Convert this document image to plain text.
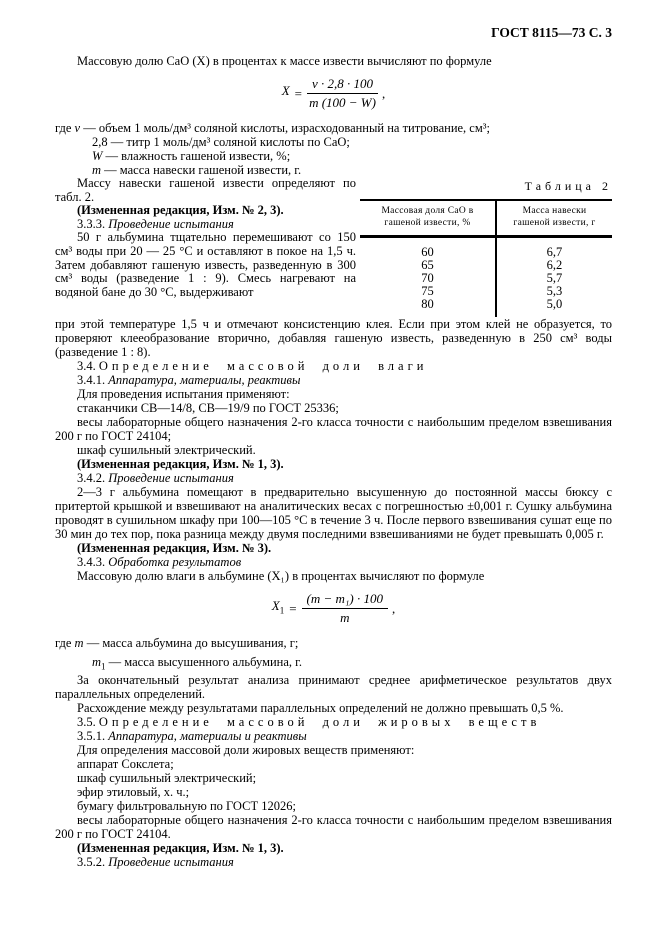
ГОСТ 8115—73 С. 3

Массовую долю CaO (X) в процентах к массе извести вычисляют по формуле

$X = \frac{v \cdot 2,8 \cdot 100}{m (100 - W)}$ ,
где v — объем 1 моль/дм³ соляной кислоты, израсходованный на титрование, см³;
2,8 — титр 1 моль/дм³ соляной кислоты по CaO;
W — влажность гашеной извести, %;
m — масса навески гашеной извести, г.

Массу навески гашеной извести определяют по табл. 2.

(Измененная редакция, Изм. № 2, 3).

3.3.3. Проведение испытания

50 г альбумина тщательно перемешивают со 150 см³ воды при 20 — 25 °С и оставляют в покое на 1,5 ч. Затем добавляют гашеную известь, разведенную в 300 см³ воды (разведение 1 : 9). Смесь нагревают на водяной бане до 30 °С, выдерживают

Таблица 2
Массовая доля CaO в гашеной извести, %	Масса навески гашеной извести, г
60	6,7
65	6,2
70	5,7
75	5,3
80	5,0

при этой температуре 1,5 ч и отмечают консистенцию клея. Если при этом клей не образуется, то проверяют клееобразование вторично, добавляя гашеную известь, разведенную в 250 см³ воды (разведение 1 : 8).

3.4. Определение массовой доли влаги

3.4.1. Аппаратура, материалы, реактивы

Для проведения испытания применяют:

стаканчики СВ—14/8, СВ—19/9 по ГОСТ 25336;

весы лабораторные общего назначения 2-го класса точности с наибольшим пределом взвешивания 200 г по ГОСТ 24104;

шкаф сушильный электрический.

(Измененная редакция, Изм. № 1, 3).

3.4.2. Проведение испытания

2—3 г альбумина помещают в предварительно высушенную до постоянной массы бюксу с притертой крышкой и взвешивают на аналитических весах с погрешностью ±0,001 г. Сушку альбумина проводят в сушильном шкафу при 100—105 °С в течение 3 ч. После первого взвешивания сушат еще по 30 мин до тех пор, пока разница между двумя последними взвешиваниями не будет превышать 0,005 г.

(Измененная редакция, Изм. № 3).

3.4.3. Обработка результатов

Массовую долю влаги в альбумине (X₁) в процентах вычисляют по формуле

$X_1 = \frac{\text{(m − m₁) · 100}}{m}$ ,
где m — масса альбумина до высушивания, г;
$m_1$ — масса высушенного альбумина, г.

За окончательный результат анализа принимают среднее арифметическое результатов двух параллельных определений.

Расхождение между результатами параллельных определений не должно превышать 0,5 %.

3.5. Определение массовой доли жировых веществ

3.5.1. Аппаратура, материалы и реактивы

Для определения массовой доли жировых веществ применяют:

аппарат Сокслета;

шкаф сушильный электрический;

эфир этиловый, х. ч.;

бумагу фильтровальную по ГОСТ 12026;

весы лабораторные общего назначения 2-го класса точности с наибольшим пределом взвешивания 200 г по ГОСТ 24104.

(Измененная редакция, Изм. № 1, 3).

3.5.2. Проведение испытания
